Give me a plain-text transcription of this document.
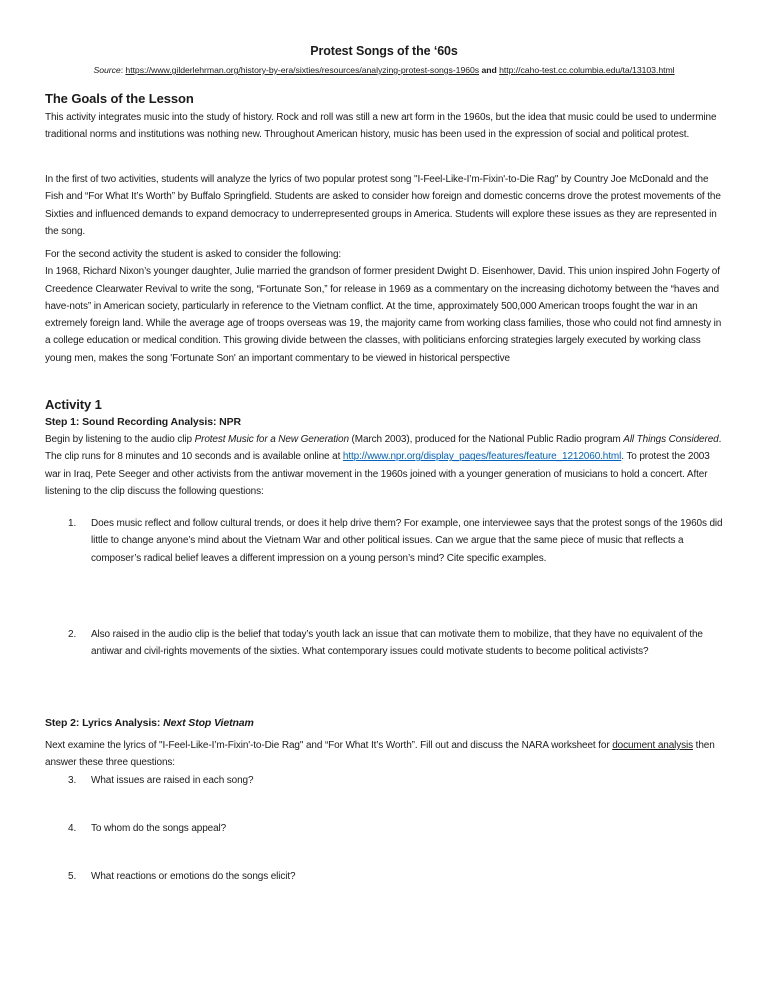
Protest Songs of the ‘60s
Source: https://www.gilderlehrman.org/history-by-era/sixties/resources/analyzing-protest-songs-1960s and http://caho-test.cc.columbia.edu/ta/13103.html
The Goals of the Lesson
This activity integrates music into the study of history. Rock and roll was still a new art form in the 1960s, but the idea that music could be used to undermine traditional norms and institutions was nothing new. Throughout American history, music has been used in the expression of social and political protest.
In the first of two activities, students will analyze the lyrics of two popular protest song "I-Feel-Like-I’m-Fixin'-to-Die Rag" by Country Joe McDonald and the Fish and “For What It’s Worth” by Buffalo Springfield. Students are asked to consider how foreign and domestic concerns drove the protest movements of the Sixties and influenced demands to expand democracy to underrepresented groups in America. Students will explore these issues as they are represented in the song.
For the second activity the student is asked to consider the following:
In 1968, Richard Nixon’s younger daughter, Julie married the grandson of former president Dwight D. Eisenhower, David. This union inspired John Fogerty of Creedence Clearwater Revival to write the song, “Fortunate Son,” for release in 1969 as a commentary on the increasing dichotomy between the “haves and have-nots” in American society, particularly in reference to the Vietnam conflict. At the time, approximately 500,000 American troops fought the war in an extremely foreign land. While the average age of troops overseas was 19, the majority came from working class families, those who could not find amnesty in a college education or medical condition. This growing divide between the classes, with politicians enforcing strategies largely executed by working class young men, makes the song 'Fortunate Son' an important commentary to be viewed in historical perspective
Activity 1
Step 1: Sound Recording Analysis: NPR
Begin by listening to the audio clip Protest Music for a New Generation (March 2003), produced for the National Public Radio program All Things Considered. The clip runs for 8 minutes and 10 seconds and is available online at http://www.npr.org/display_pages/features/feature_1212060.html. To protest the 2003 war in Iraq, Pete Seeger and other activists from the antiwar movement in the 1960s joined with a younger generation of musicians to hold a concert. After listening to the clip discuss the following questions:
1.	Does music reflect and follow cultural trends, or does it help drive them? For example, one interviewee says that the protest songs of the 1960s did little to change anyone’s mind about the Vietnam War and other political issues. Can we argue that the same piece of music that reflects a composer’s radical belief leaves a different impression on a young person’s mind? Cite specific examples.
2.	Also raised in the audio clip is the belief that today’s youth lack an issue that can motivate them to mobilize, that they have no equivalent of the antiwar and civil-rights movements of the sixties. What contemporary issues could motivate students to become political activists?
Step 2: Lyrics Analysis: Next Stop Vietnam
Next examine the lyrics of "I-Feel-Like-I’m-Fixin'-to-Die Rag" and “For What It’s Worth”. Fill out and discuss the NARA worksheet for document analysis then answer these three questions:
3.	What issues are raised in each song?
4.	To whom do the songs appeal?
5.	What reactions or emotions do the songs elicit?
